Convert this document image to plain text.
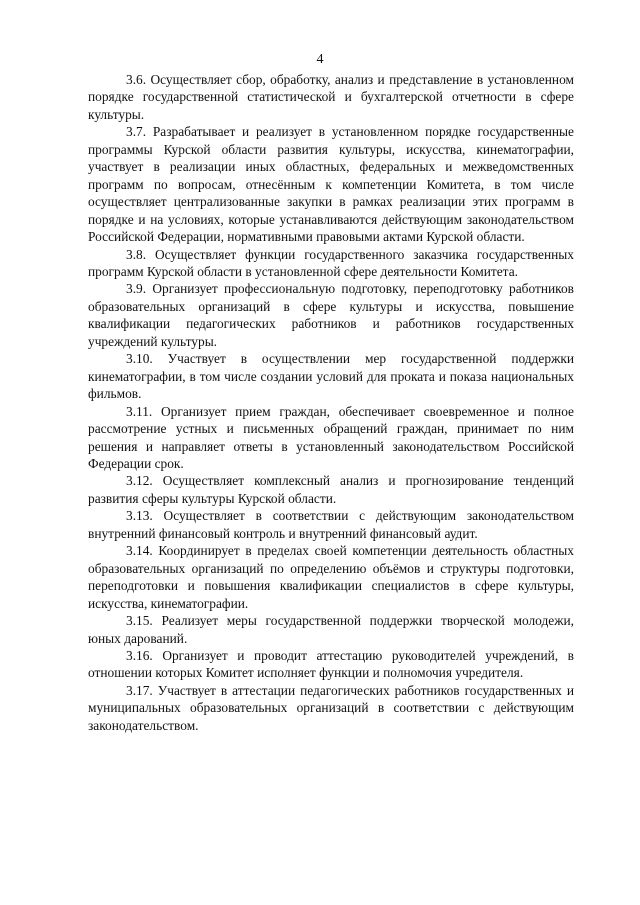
4

3.6. Осуществляет сбор, обработку, анализ и представление в установленном порядке государственной статистической и бухгалтерской отчетности в сфере культуры.

3.7. Разрабатывает и реализует в установленном порядке государственные программы Курской области развития культуры, искусства, кинематографии, участвует в реализации иных областных, федеральных и межведомственных программ по вопросам, отнесённым к компетенции Комитета, в том числе осуществляет централизованные закупки в рамках реализации этих программ в порядке и на условиях, которые устанавливаются действующим законодательством Российской Федерации, нормативными правовыми актами Курской области.

3.8. Осуществляет функции государственного заказчика государственных программ Курской области в установленной сфере деятельности Комитета.

3.9. Организует профессиональную подготовку, переподготовку работников образовательных организаций в сфере культуры и искусства, повышение квалификации педагогических работников и работников государственных учреждений культуры.

3.10. Участвует в осуществлении мер государственной поддержки кинематографии, в том числе создании условий для проката и показа национальных фильмов.

3.11. Организует прием граждан, обеспечивает своевременное и полное рассмотрение устных и письменных обращений граждан, принимает по ним решения и направляет ответы в установленный законодательством Российской Федерации срок.

3.12. Осуществляет комплексный анализ и прогнозирование тенденций развития сферы культуры Курской области.

3.13. Осуществляет в соответствии с действующим законодательством внутренний финансовый контроль и внутренний финансовый аудит.

3.14. Координирует в пределах своей компетенции деятельность областных образовательных организаций по определению объёмов и структуры подготовки, переподготовки и повышения квалификации специалистов в сфере культуры, искусства, кинематографии.

3.15. Реализует меры государственной поддержки творческой молодежи, юных дарований.

3.16. Организует и проводит аттестацию руководителей учреждений, в отношении которых Комитет исполняет функции и полномочия учредителя.

3.17. Участвует в аттестации педагогических работников государственных и муниципальных образовательных организаций в соответствии с действующим законодательством.
